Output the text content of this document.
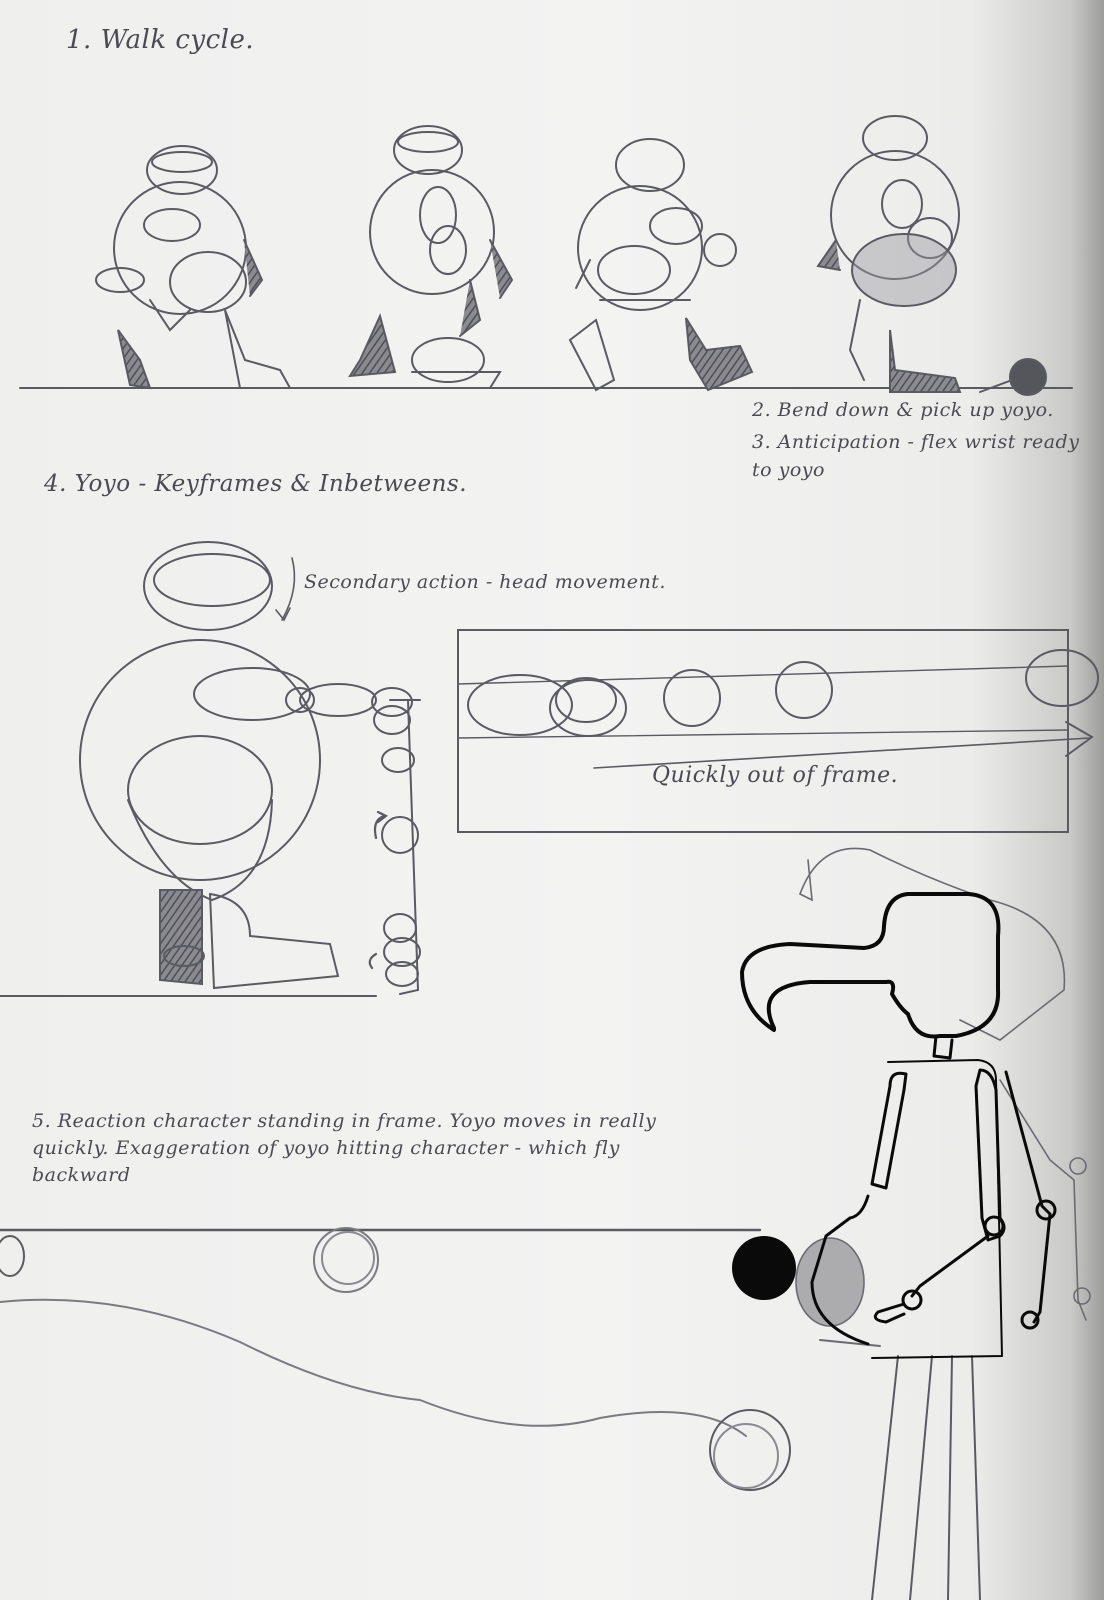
1. Walk cycle.

2. Bend down & pick up yoyo.

3. Anticipation - flex wrist ready
to yoyo

4. Yoyo - Keyframes & Inbetweens.

Secondary action - head movement.

Quickly out of frame.

5. Reaction character standing in frame. Yoyo moves in really
quickly. Exaggeration of yoyo hitting character - which fly
backward
